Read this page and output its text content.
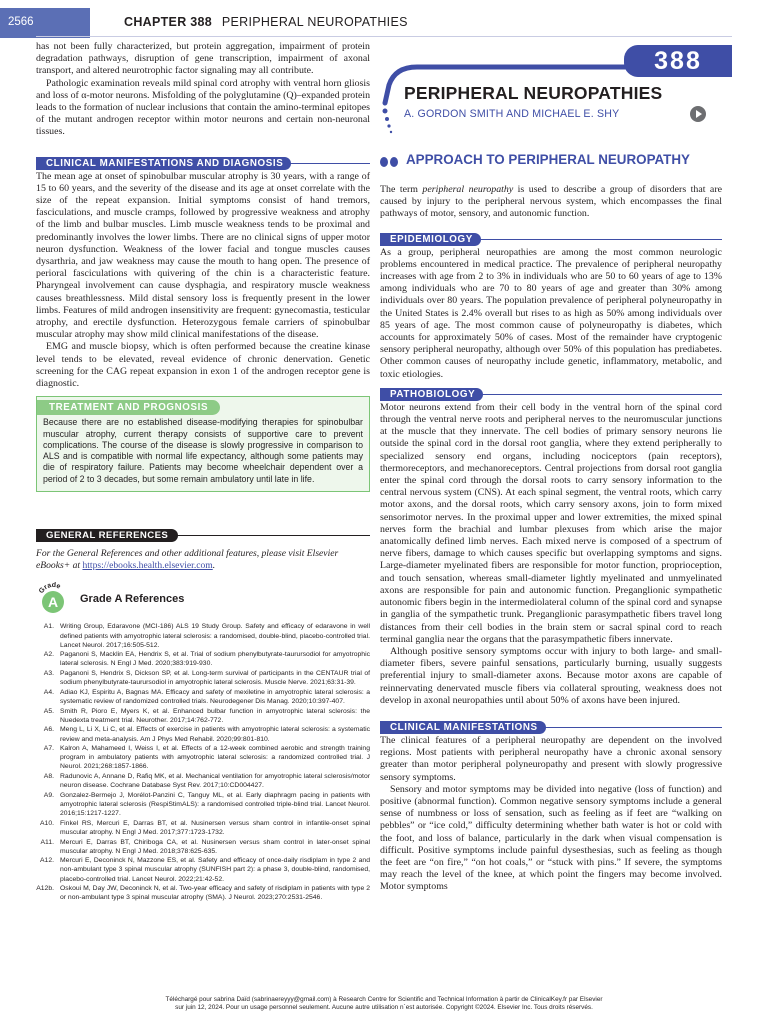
2566	CHAPTER 388 PERIPHERAL NEUROPATHIES

has not been fully characterized, but protein aggregation, impairment of protein degradation pathways, disruption of gene transcription, impairment of axonal transport, and altered neurotrophic factor signaling may all contribute.

Pathologic examination reveals mild spinal cord atrophy with ventral horn gliosis and loss of α-motor neurons. Misfolding of the polyglutamine (Q)–expanded protein leads to the formation of nuclear inclusions that contain the amino-terminal epitopes of the mutant androgen receptor within motor neurons and certain non-neuronal tissues.

CLINICAL MANIFESTATIONS AND DIAGNOSIS

The mean age at onset of spinobulbar muscular atrophy is 30 years, with a range of 15 to 60 years, and the severity of the disease and its age at onset correlate with the size of the repeat expansion. Initial symptoms consist of hand tremors, fasciculations, and muscle cramps, followed by progressive weakness and atrophy of the limb and bulbar muscles. Limb muscle weakness tends to be proximal and predominantly involves the lower limbs. There are no clinical signs of upper motor neuron dysfunction. Weakness of the lower facial and tongue muscles causes dysarthria, and jaw weakness may cause the mouth to hang open. The presence of perioral fasciculations with quivering of the chin is a characteristic feature. Pharyngeal involvement can cause dysphagia, and respiratory muscle weakness causes breathlessness. Mild distal sensory loss is frequently present in the lower limbs. Features of mild androgen insensitivity are frequent: gynecomastia, testicular atrophy, and erectile dysfunction. Heterozygous female carriers of spinobulbar muscular atrophy may show mild clinical manifestations of the disease.

EMG and muscle biopsy, which is often performed because the creatine kinase level tends to be elevated, reveal evidence of chronic denervation. Genetic screening for the CAG repeat expansion in exon 1 of the androgen receptor gene is diagnostic.

TREATMENT AND PROGNOSIS
Because there are no established disease-modifying therapies for spinobulbar muscular atrophy, current therapy consists of supportive care to prevent complications. The course of the disease is slowly progressive in comparison to ALS and is compatible with normal life expectancy, although some patients may die of respiratory failure. Patients may become wheelchair dependent over a period of 2 to 3 decades, but some remain ambulatory until late in life.
GENERAL REFERENCES

For the General References and other additional features, please visit Elsevier eBooks+ at https://ebooks.health.elsevier.com.

Grade
A Grade A References
A1. Writing Group, Edaravone (MCI-186) ALS 19 Study Group. Safety and efficacy of edaravone in well defined patients with amyotrophic lateral sclerosis: a randomised, double-blind, placebo-controlled trial. Lancet Neurol. 2017;16:505-512.
A2. Paganoni S, Macklin EA, Hendrix S, et al. Trial of sodium phenylbutyrate-taurursodiol for amyotrophic lateral sclerosis. N Engl J Med. 2020;383:919-930.
A3. Paganoni S, Hendrix S, Dickson SP, et al. Long-term survival of participants in the CENTAUR trial of sodium phenylbutyrate-taurursodiol in amyotrophic lateral sclerosis. Muscle Nerve. 2021;63:31-39.
A4. Adiao KJ, Espiritu A, Bagnas MA. Efficacy and safety of mexiletine in amyotrophic lateral sclerosis: a systematic review of randomized controlled trials. Neurodegener Dis Manag. 2020;10:397-407.
A5. Smith R, Pioro E, Myers K, et al. Enhanced bulbar function in amyotrophic lateral sclerosis: the Nuedexta treatment trial. Neurother. 2017;14:762-772.
A6. Meng L, Li X, Li C, et al. Effects of exercise in patients with amyotrophic lateral sclerosis: a systematic review and meta-analysis. Am J Phys Med Rehabil. 2020;99:801-810.
A7. Kalron A, Mahameed I, Weiss I, et al. Effects of a 12-week combined aerobic and strength training program in ambulatory patients with amyotrophic lateral sclerosis: a randomized controlled trial. J Neurol. 2021;268:1857-1866.
A8. Radunovic A, Annane D, Rafiq MK, et al. Mechanical ventilation for amyotrophic lateral sclerosis/motor neuron disease. Cochrane Database Syst Rev. 2017;10:CD004427.
A9. Gonzalez-Bermejo J, Morélot-Panzini C, Tanguy ML, et al. Early diaphragm pacing in patients with amyotrophic lateral sclerosis (RespiStimALS): a randomised controlled triple-blind trial. Lancet Neurol. 2016;15:1217-1227.
A10. Finkel RS, Mercuri E, Darras BT, et al. Nusinersen versus sham control in infantile-onset spinal muscular atrophy. N Engl J Med. 2017;377:1723-1732.
A11. Mercuri E, Darras BT, Chiriboga CA, et al. Nusinersen versus sham control in later-onset spinal muscular atrophy. N Engl J Med. 2018;378:625-635.
A12. Mercuri E, Deconinck N, Mazzone ES, et al. Safety and efficacy of once-daily risdiplam in type 2 and non-ambulant type 3 spinal muscular atrophy (SUNFISH part 2): a phase 3, double-blind, randomised, placebo-controlled trial. Lancet Neurol. 2022;21:42-52.
A12b. Oskoui M, Day JW, Deconinck N, et al. Two-year efficacy and safety of risdiplam in patients with type 2 or non-ambulant type 3 spinal muscular atrophy (SMA). J Neurol. 2023;270:2531-2546.
388
PERIPHERAL NEUROPATHIES
A. GORDON SMITH AND MICHAEL E. SHY
APPROACH TO PERIPHERAL NEUROPATHY

The term peripheral neuropathy is used to describe a group of disorders that are caused by injury to the peripheral nervous system, which encompasses the final pathways of motor, sensory, and autonomic function.

EPIDEMIOLOGY

As a group, peripheral neuropathies are among the most common neurologic problems encountered in medical practice. The prevalence of peripheral neuropathy increases with age from 2 to 3% in individuals who are 50 to 60 years of age to 13% among individuals who are 70 to 80 years of age and greater than 30% among individuals over 80 years. The population prevalence of peripheral polyneuropathy in the United States is 2.4% overall but rises to as high as 50% among individuals over 85 years of age. The most common cause of polyneuropathy is diabetes, which accounts for approximately 50% of cases. Most of the remainder have cryptogenic sensory peripheral neuropathy, although over 50% of this population has prediabetes. Other common causes of neuropathy include genetic, inflammatory, metabolic, and toxic etiologies.

PATHOBIOLOGY

Motor neurons extend from their cell body in the ventral horn of the spinal cord through the ventral nerve roots and peripheral nerves to the neuromuscular junctions at the muscle that they innervate. The cell bodies of primary sensory neurons lie outside the spinal cord in the dorsal root ganglia, where they extend peripherally to specialized sensory end organs, including nociceptors (pain receptors), thermoreceptors, and mechanoreceptors. Central projections from dorsal root ganglia enter the spinal cord through the dorsal roots to carry sensory information to the central nervous system (CNS). At each spinal segment, the ventral roots, which carry motor axons, and the dorsal roots, which carry sensory axons, join to form mixed sensorimotor nerves. In the proximal upper and lower extremities, the mixed spinal nerves form the brachial and lumbar plexuses from which arise the major anatomically defined limb nerves. Each mixed nerve is composed of a spectrum of nerve fibers, damage to which causes specific but overlapping symptoms and signs. Large-diameter myelinated fibers are responsible for motor function, proprioception, and touch sensation, whereas small-diameter lightly myelinated and unmyelinated axons are responsible for pain and autonomic function. Preganglionic sympathetic autonomic fibers begin in the intermediolateral column of the spinal cord and synapse in ganglia of the sympathetic trunk. Preganglionic parasympathetic fibers travel long distances from their cell bodies in the brain stem or sacral spinal cord to reach terminal ganglia near the organs that the parasympathetic fibers innervate.

Although positive sensory symptoms occur with injury to both large- and small-diameter fibers, severe painful sensations, particularly burning, usually suggests preferential injury to small-diameter axons. Because motor axons are capable of reinnervating denervated muscle fibers via collateral sprouting, weakness does not develop in axonal neuropathies until about 50% of axons have been injured.

CLINICAL MANIFESTATIONS

The clinical features of a peripheral neuropathy are dependent on the involved regions. Most patients with peripheral neuropathy have a chronic axonal sensory greater than motor peripheral polyneuropathy and present with slowly progressive sensory symptoms.

Sensory and motor symptoms may be divided into negative (loss of function) and positive (abnormal function). Common negative sensory symptoms include a general sense of numbness or loss of sensation, such as feeling as if feet are “walking on pebbles” or “ice cold,” difficulty determining whether bath water is hot or cold with the foot, and loss of balance, particularly in the dark when visual compensation is difficult. Positive symptoms include painful dysesthesias, such as feeling as though the feet are “on fire,” “on hot coals,” or “stuck with pins.” If severe, the symptoms may reach the level of the knee, at which point the fingers may become involved. Motor symptoms

Téléchargé pour sabrina Daïd (sabrinaereyyy@gmail.com) à Research Centre for Scientific and Technical Information à partir de ClinicalKey.fr par Elsevier
sur juin 12, 2024. Pour un usage personnel seulement. Aucune autre utilisation n´est autorisée. Copyright ©2024. Elsevier Inc. Tous droits réservés.
